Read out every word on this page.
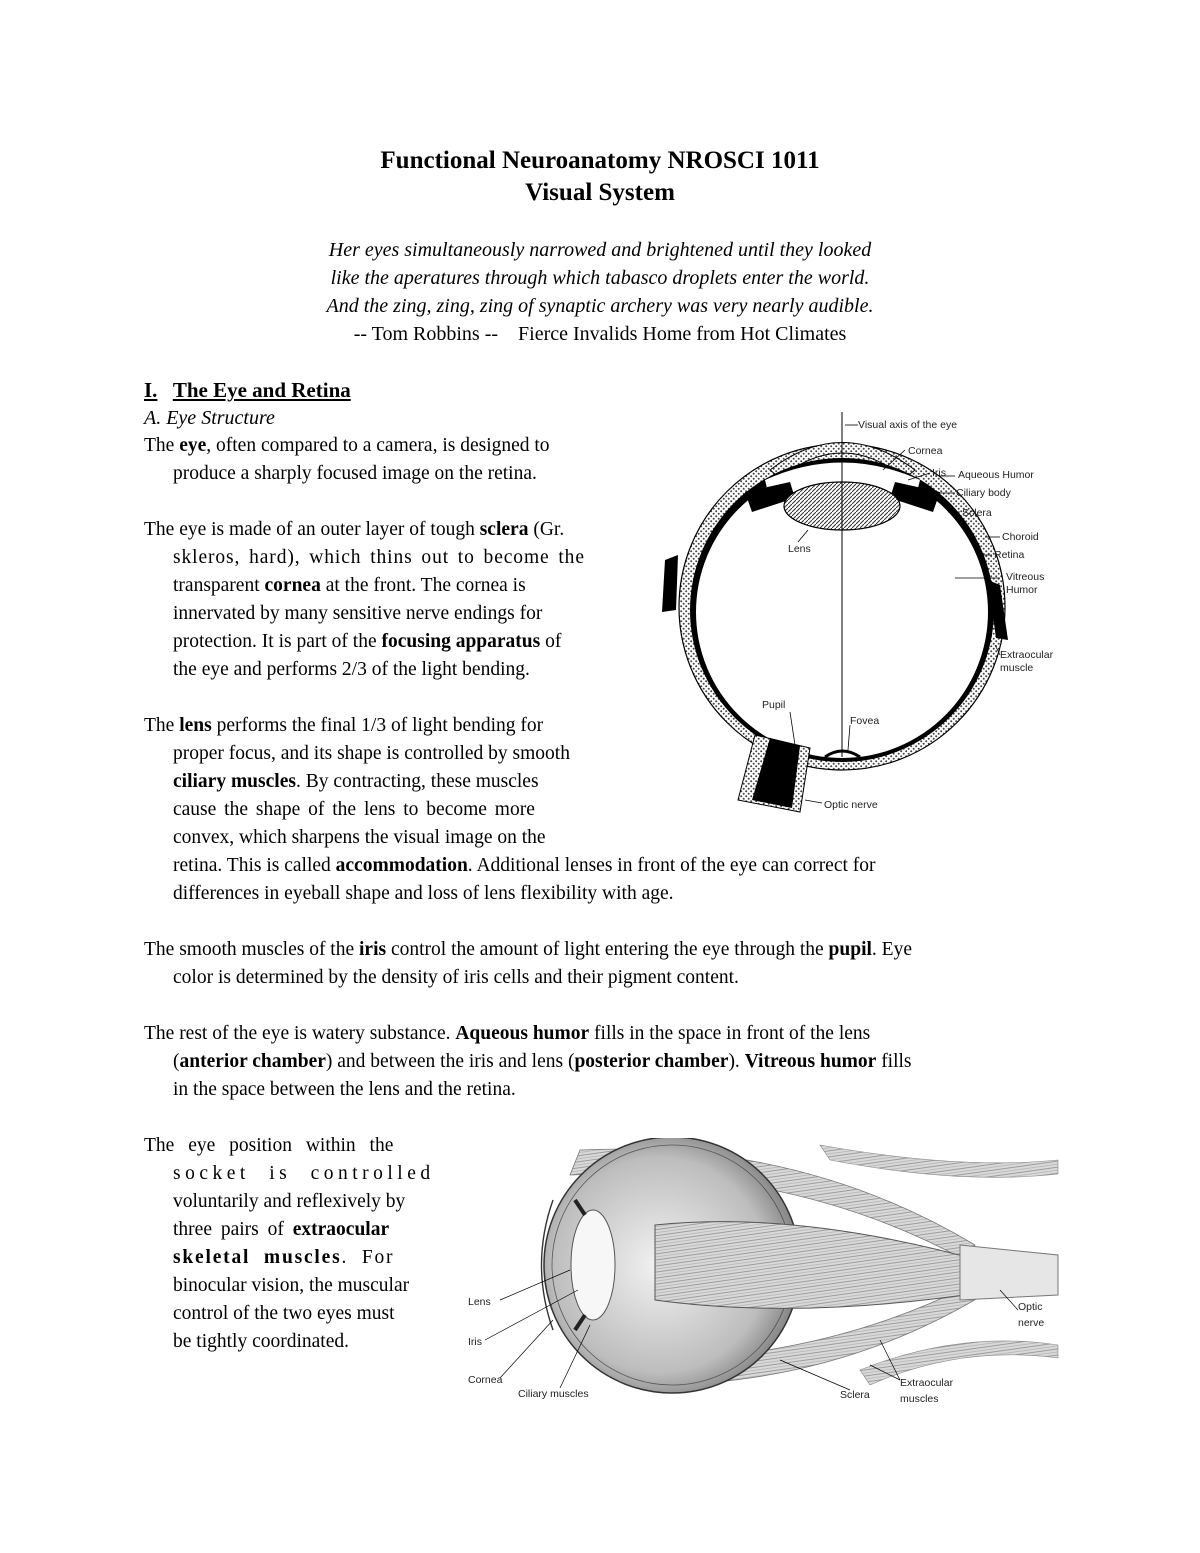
Functional Neuroanatomy NROSCI 1011
Visual System
Her eyes simultaneously narrowed and brightened until they looked
like the aperatures through which tabasco droplets enter the world.
And the zing, zing, zing of synaptic archery was very nearly audible.
-- Tom Robbins --    Fierce Invalids Home from Hot Climates
I. The Eye and Retina
A. Eye Structure
The eye, often compared to a camera, is designed to
produce a sharply focused image on the retina.
The eye is made of an outer layer of tough sclera (Gr.
skleros, hard), which thins out to become the
transparent cornea at the front. The cornea is
innervated by many sensitive nerve endings for
protection. It is part of the focusing apparatus of
the eye and performs 2/3 of the light bending.
The lens performs the final 1/3 of light bending for
proper focus, and its shape is controlled by smooth
ciliary muscles. By contracting, these muscles
cause the shape of the lens to become more
convex, which sharpens the visual image on the
retina. This is called accommodation. Additional lenses in front of the eye can correct for
differences in eyeball shape and loss of lens flexibility with age.
The smooth muscles of the iris control the amount of light entering the eye through the pupil. Eye
color is determined by the density of iris cells and their pigment content.
The rest of the eye is watery substance. Aqueous humor fills in the space in front of the lens
(anterior chamber) and between the iris and lens (posterior chamber). Vitreous humor fills
in the space between the lens and the retina.
The eye position within the
socket is controlled
voluntarily and reflexively by
three pairs of extraocular
skeletal muscles. For
binocular vision, the muscular
control of the two eyes must
be tightly coordinated.
Visual axis of the eye
Cornea
Iris Aqueous Humor
Ciliary body
Sclera
Choroid
Retina
Vitreous
Humor
Lens
Extraocular
muscle
Pupil
Fovea
Optic nerve
Lens
Iris
Cornea
Ciliary muscles	Sclera
Extraocular
muscles
Optic
nerve
